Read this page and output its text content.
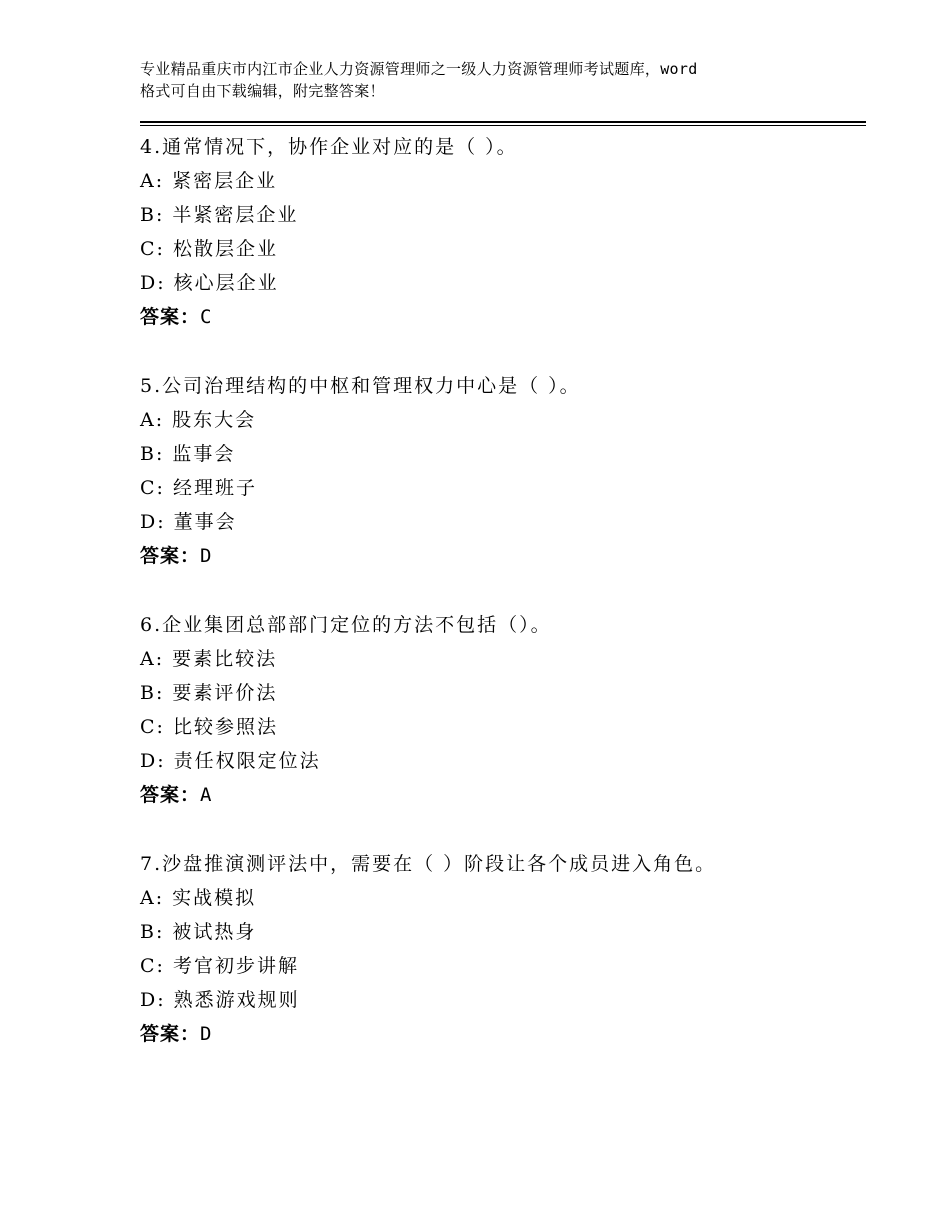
专业精品重庆市内江市企业人力资源管理师之一级人力资源管理师考试题库，word
格式可自由下载编辑，附完整答案！
4.通常情况下，协作企业对应的是（ ）。
A: 紧密层企业
B: 半紧密层企业
C: 松散层企业
D: 核心层企业
答案：C
5.公司治理结构的中枢和管理权力中心是（ ）。
A: 股东大会
B: 监事会
C: 经理班子
D: 董事会
答案：D
6.企业集团总部部门定位的方法不包括（）。
A: 要素比较法
B: 要素评价法
C: 比较参照法
D: 责任权限定位法
答案：A
7.沙盘推演测评法中，需要在（ ）阶段让各个成员进入角色。
A: 实战模拟
B: 被试热身
C: 考官初步讲解
D: 熟悉游戏规则
答案：D
